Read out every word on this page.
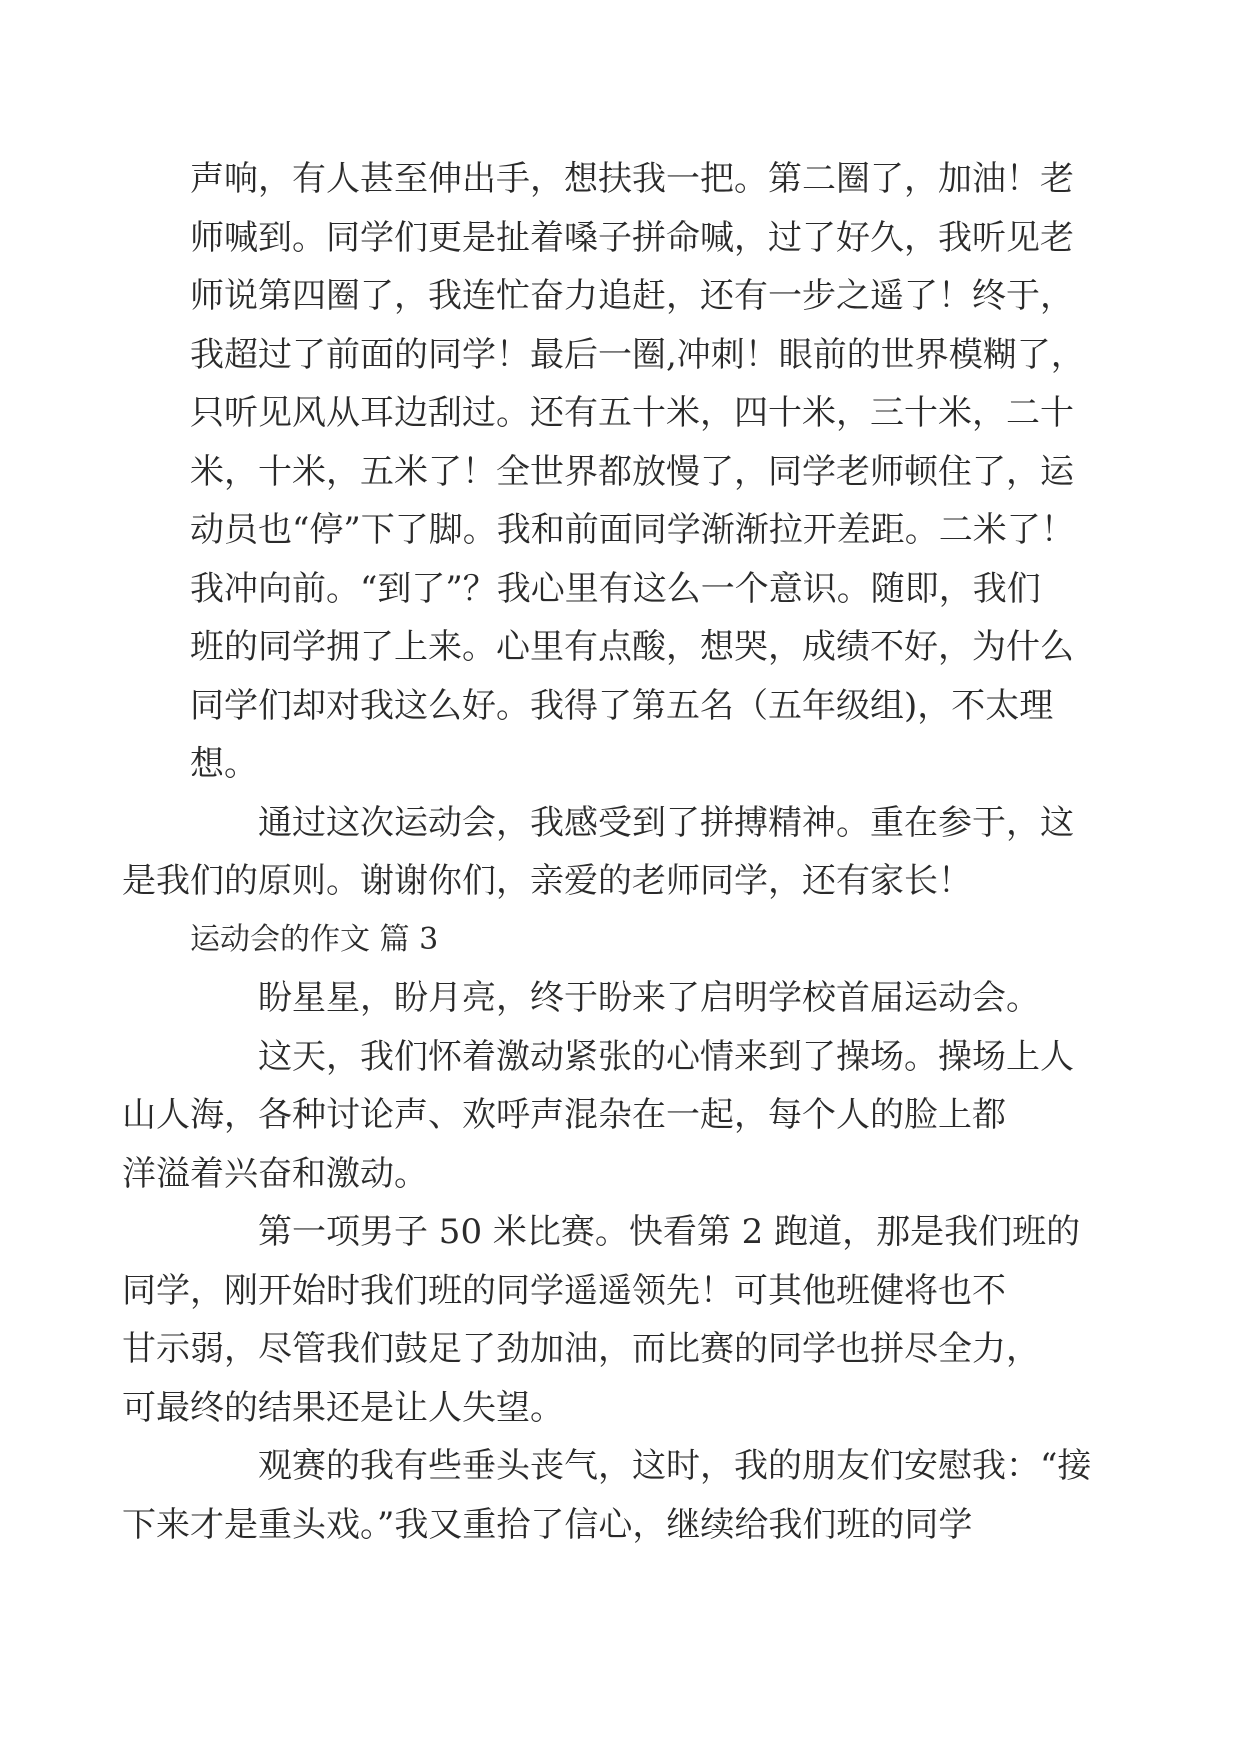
声响，有人甚至伸出手，想扶我一把。第二圈了，加油！老
师喊到。同学们更是扯着嗓子拼命喊，过了好久，我听见老
师说第四圈了，我连忙奋力追赶，还有一步之遥了！终于，
我超过了前面的同学！最后一圈,冲刺！眼前的世界模糊了，
只听见风从耳边刮过。还有五十米，四十米，三十米，二十
米，十米，五米了！全世界都放慢了，同学老师顿住了，运
动员也“停”下了脚。我和前面同学渐渐拉开差距。二米了！
我冲向前。“到了”？我心里有这么一个意识。随即，我们
班的同学拥了上来。心里有点酸，想哭，成绩不好，为什么
同学们却对我这么好。我得了第五名（五年级组)，不太理
想。

通过这次运动会，我感受到了拼搏精神。重在参于，这
是我们的原则。谢谢你们，亲爱的老师同学，还有家长！

运动会的作文 篇 3

盼星星，盼月亮，终于盼来了启明学校首届运动会。

这天，我们怀着激动紧张的心情来到了操场。操场上人
山人海，各种讨论声、欢呼声混杂在一起，每个人的脸上都
洋溢着兴奋和激动。

第一项男子 50 米比赛。快看第 2 跑道，那是我们班的
同学，刚开始时我们班的同学遥遥领先！可其他班健将也不
甘示弱，尽管我们鼓足了劲加油，而比赛的同学也拼尽全力，
可最终的结果还是让人失望。

观赛的我有些垂头丧气，这时，我的朋友们安慰我：“接
下来才是重头戏。”我又重拾了信心，继续给我们班的同学
